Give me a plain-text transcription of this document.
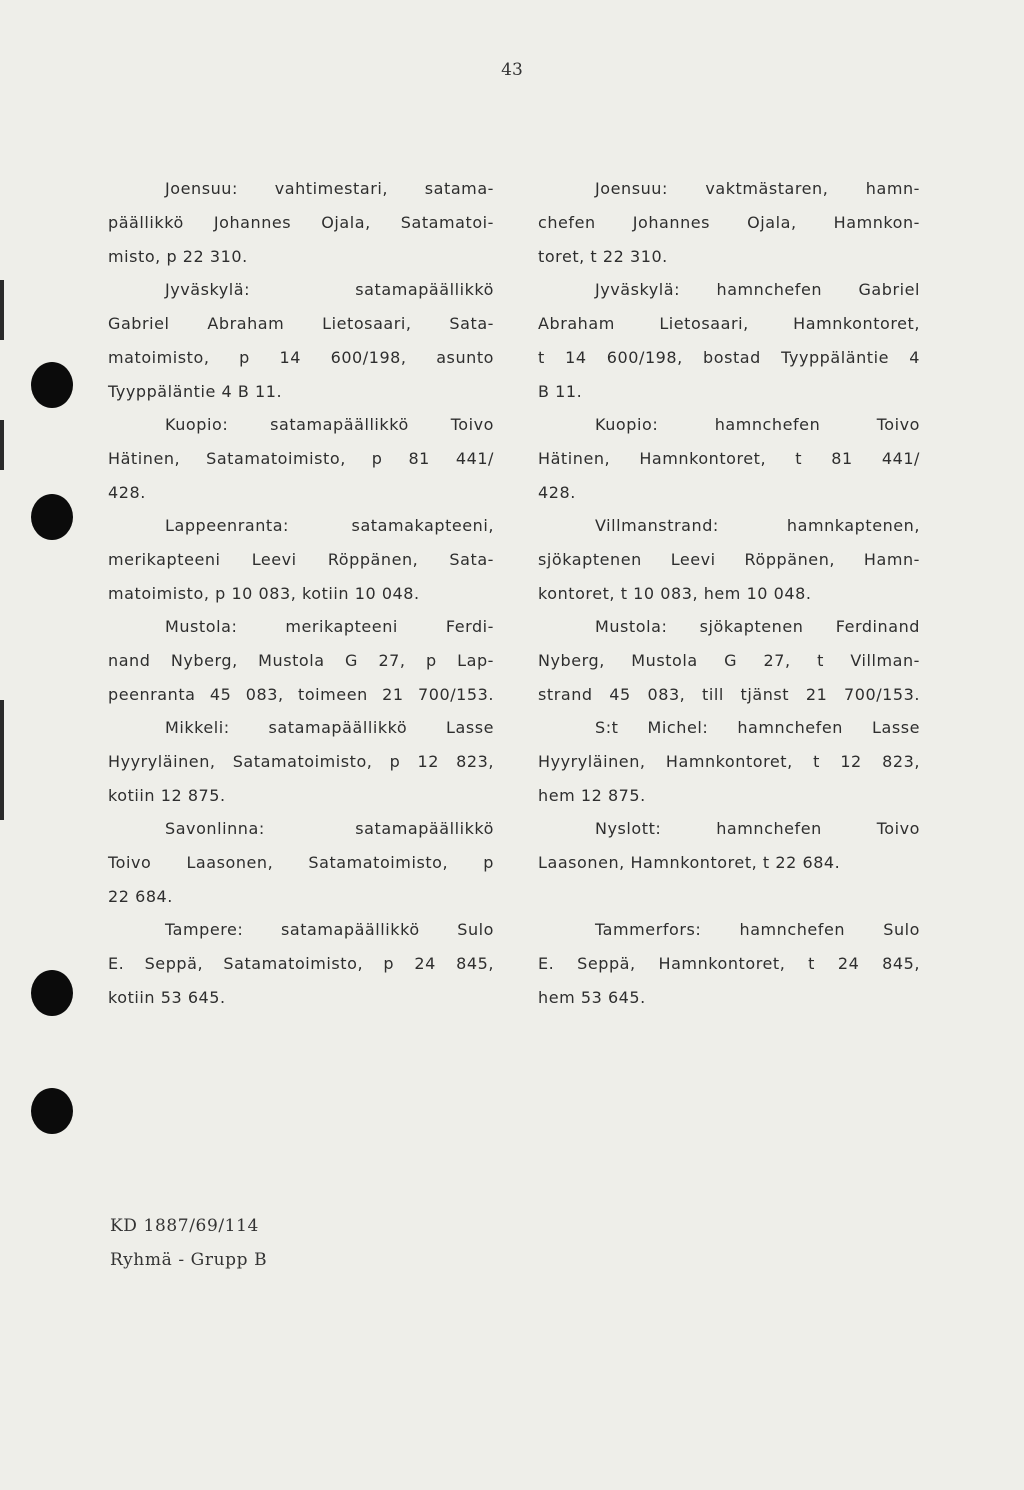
43
Joensuu: vahtimestari, satama-
päällikkö Johannes Ojala, Satamatoi-
misto, p 22 310.
Jyväskylä: satamapäällikkö
Gabriel Abraham Lietosaari, Sata-
matoimisto, p 14 600/198, asunto
Tyyppäläntie 4 B 11.
Kuopio: satamapäällikkö Toivo
Hätinen, Satamatoimisto, p 81 441/
428.
Lappeenranta: satamakapteeni,
merikapteeni Leevi Röppänen, Sata-
matoimisto, p 10 083, kotiin 10 048.
Mustola: merikapteeni Ferdi-
nand Nyberg, Mustola G 27, p Lap-
peenranta 45 083, toimeen 21 700/153.
Mikkeli: satamapäällikkö Lasse
Hyyryläinen, Satamatoimisto, p 12 823,
kotiin 12 875.
Savonlinna: satamapäällikkö
Toivo Laasonen, Satamatoimisto, p
22 684.
Tampere: satamapäällikkö Sulo
E. Seppä, Satamatoimisto, p 24 845,
kotiin 53 645.
Joensuu: vaktmästaren, hamn-
chefen Johannes Ojala, Hamnkon-
toret, t 22 310.
Jyväskylä: hamnchefen Gabriel
Abraham Lietosaari, Hamnkontoret,
t 14 600/198, bostad Tyyppäläntie 4
B 11.
Kuopio: hamnchefen Toivo
Hätinen, Hamnkontoret, t 81 441/
428.
Villmanstrand: hamnkaptenen,
sjökaptenen Leevi Röppänen, Hamn-
kontoret, t 10 083, hem 10 048.
Mustola: sjökaptenen Ferdinand
Nyberg, Mustola G 27, t Villman-
strand 45 083, till tjänst 21 700/153.
S:t Michel: hamnchefen Lasse
Hyyryläinen, Hamnkontoret, t 12 823,
hem 12 875.
Nyslott: hamnchefen Toivo
Laasonen, Hamnkontoret, t 22 684.
Tammerfors: hamnchefen Sulo
E. Seppä, Hamnkontoret, t 24 845,
hem 53 645.
KD 1887/69/114
Ryhmä - Grupp B
